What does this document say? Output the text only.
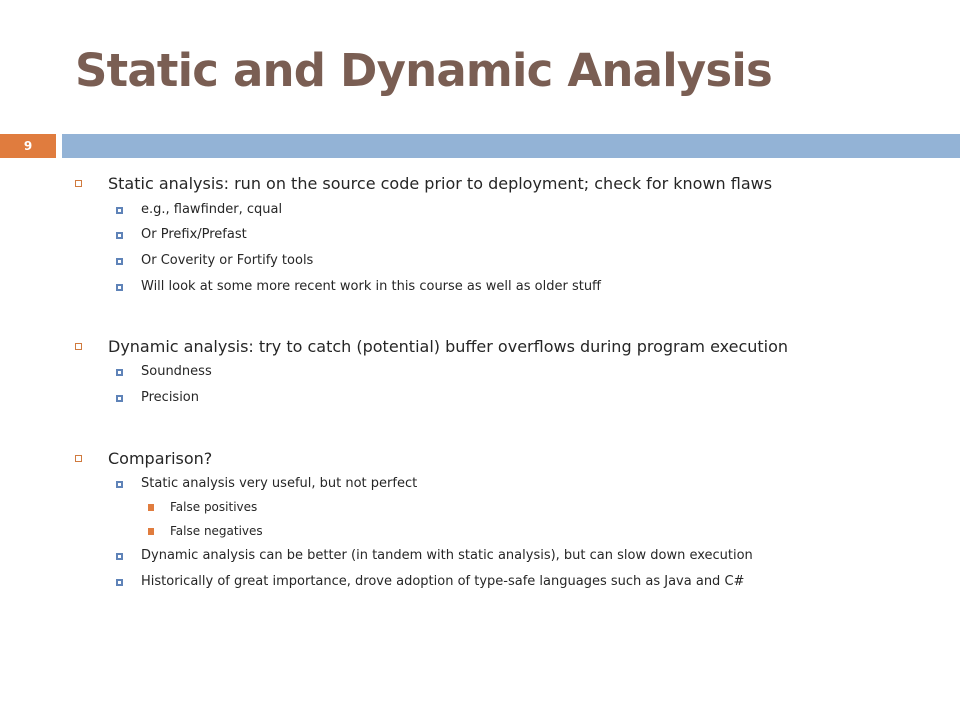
Static and Dynamic Analysis
9
Static analysis: run on the source code prior to deployment; check for known flaws
e.g., flawfinder, cqual
Or Prefix/Prefast
Or Coverity or Fortify tools
Will look at some more recent work in this course as well as older stuff
Dynamic analysis: try to catch (potential) buffer overflows during program execution
Soundness
Precision
Comparison?
Static analysis very useful, but not perfect
False positives
False negatives
Dynamic analysis can be better (in tandem with static analysis), but can slow down execution
Historically of great importance, drove adoption of type-safe languages such as Java and C#
